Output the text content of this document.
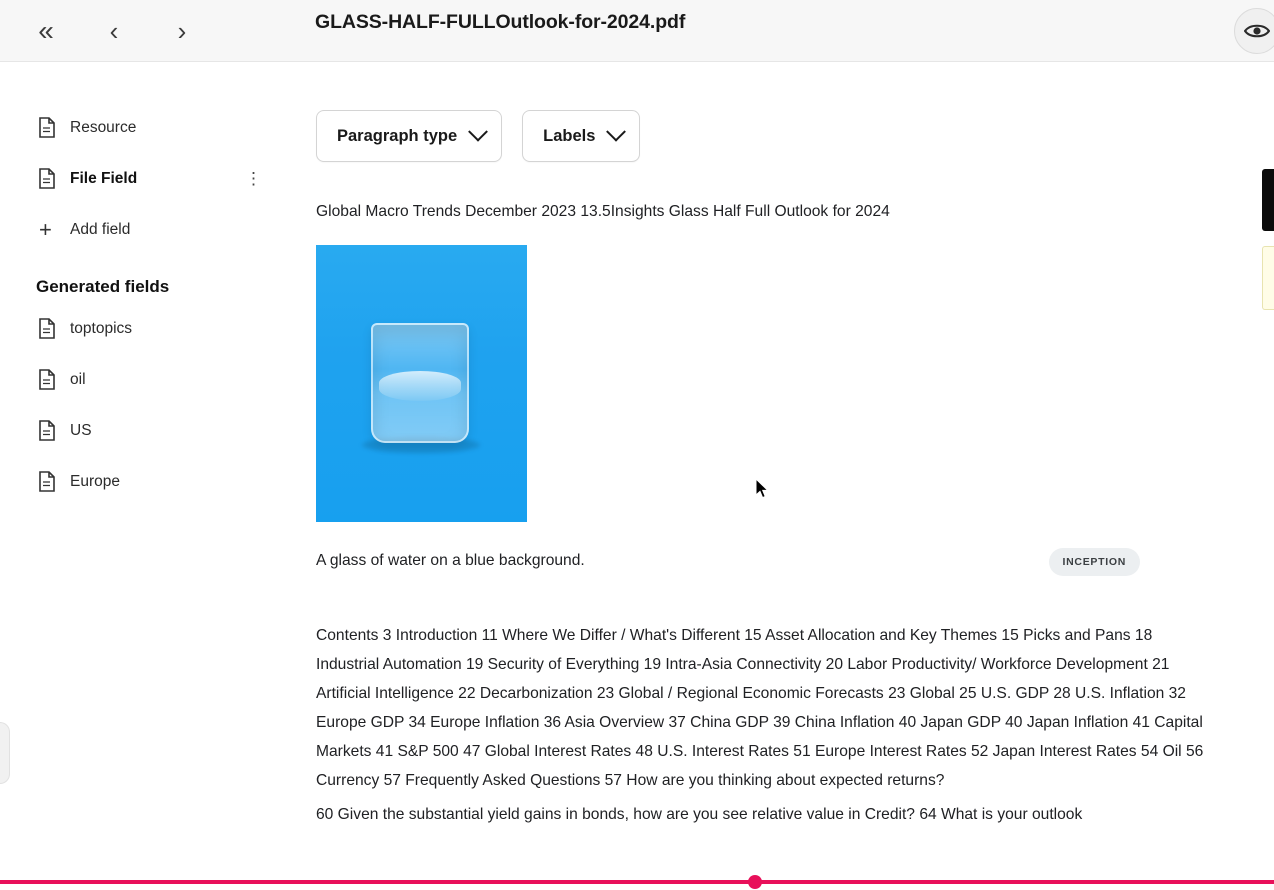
«	‹	›	GLASS-HALF-FULLOutlook-for-2024.pdf
Resource
File Field	⋮
+ Add field
Generated fields
toptopics
oil
US
Europe
Paragraph type	Labels
Global Macro Trends December 2023 13.5Insights Glass Half Full Outlook for 2024
A glass of water on a blue background.	INCEPTION
Contents 3 Introduction 11 Where We Differ / What's Different 15 Asset Allocation and Key Themes 15 Picks and Pans 18 Industrial Automation 19 Security of Everything 19 Intra-Asia Connectivity 20 Labor Productivity/ Workforce Development 21 Artificial Intelligence 22 Decarbonization 23 Global / Regional Economic Forecasts 23 Global 25 U.S. GDP 28 U.S. Inflation 32 Europe GDP 34 Europe Inflation 36 Asia Overview 37 China GDP 39 China Inflation 40 Japan GDP 40 Japan Inflation 41 Capital Markets 41 S&P 500 47 Global Interest Rates 48 U.S. Interest Rates 51 Europe Interest Rates 52 Japan Interest Rates 54 Oil 56 Currency 57 Frequently Asked Questions 57 How are you thinking about expected returns?
60 Given the substantial yield gains in bonds, how are you see relative value in Credit? 64 What is your outlook
